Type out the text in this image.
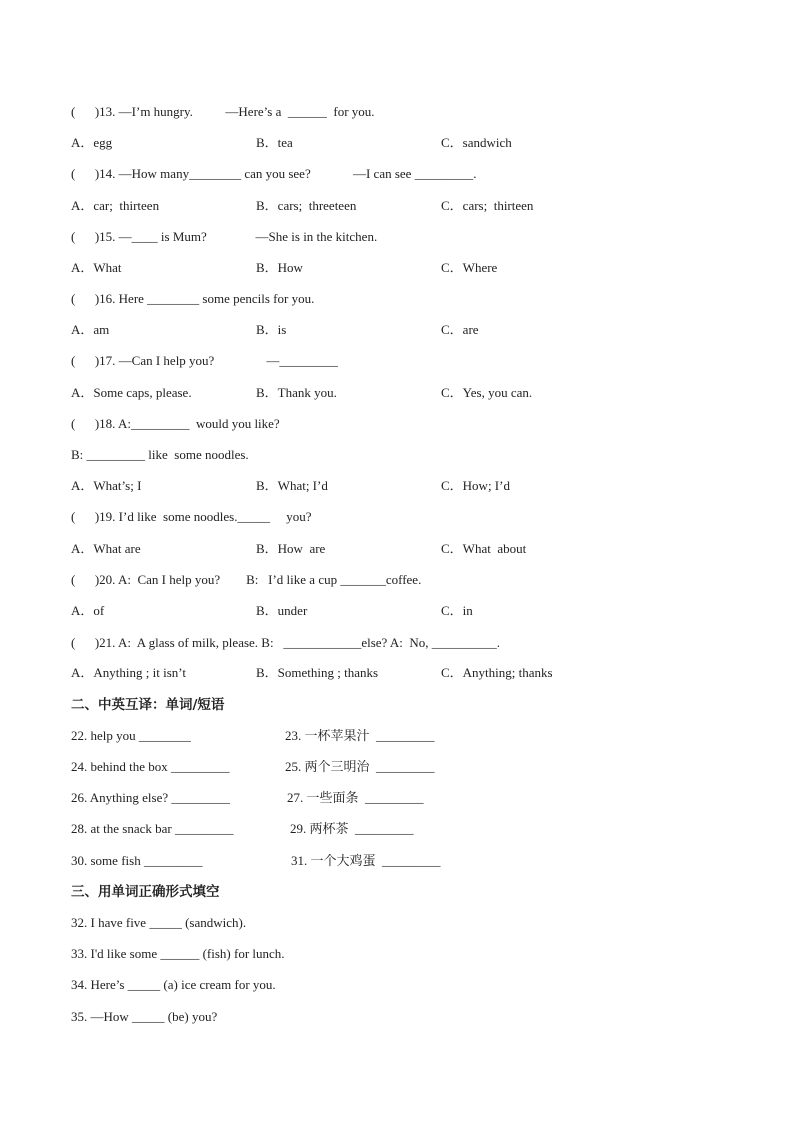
(      )13. —I’m hungry.          —Here’s a  ______  for you.
A．egg	B．tea	C．sandwich
(      )14. —How many________ can you see?             —I can see _________.
A．car;  thirteen	B．cars;  threeteen	C．cars;  thirteen
(      )15. —____ is Mum?               —She is in the kitchen.
A．What	B．How	C．Where
(      )16. Here ________ some pencils for you.
A．am	B．is	C．are
(      )17. —Can I help you?                —_________
A．Some caps, please.	B．Thank you.	C．Yes, you can.
(      )18. A:_________  would you like?
B: _________ like  some noodles.
A．What’s; I	B．What; I’d	C．How; I’d
(      )19. I’d like  some noodles._____     you?
A．What are	B．How  are	C．What  about
(      )20. A:  Can I help you?        B:   I’d like a cup _______coffee.
A．of	B．under	C．in
(      )21. A:  A glass of milk, please. B:   ____________else? A:  No, __________.
A．Anything ; it isn’t	B．Something ; thanks	C．Anything; thanks
二、中英互译：单词/短语
22. help you ________	23. 一杯苹果汁  _________
24. behind the box _________	25. 两个三明治  _________
26. Anything else? _________	27. 一些面条  _________
28. at the snack bar _________	29. 两杯茶  _________
30. some fish _________	31. 一个大鸡蛋  _________
三、用单词正确形式填空
32. I have five _____ (sandwich).
33. I'd like some ______ (fish) for lunch.
34. Here’s _____ (a) ice cream for you.
35. —How _____ (be) you?
